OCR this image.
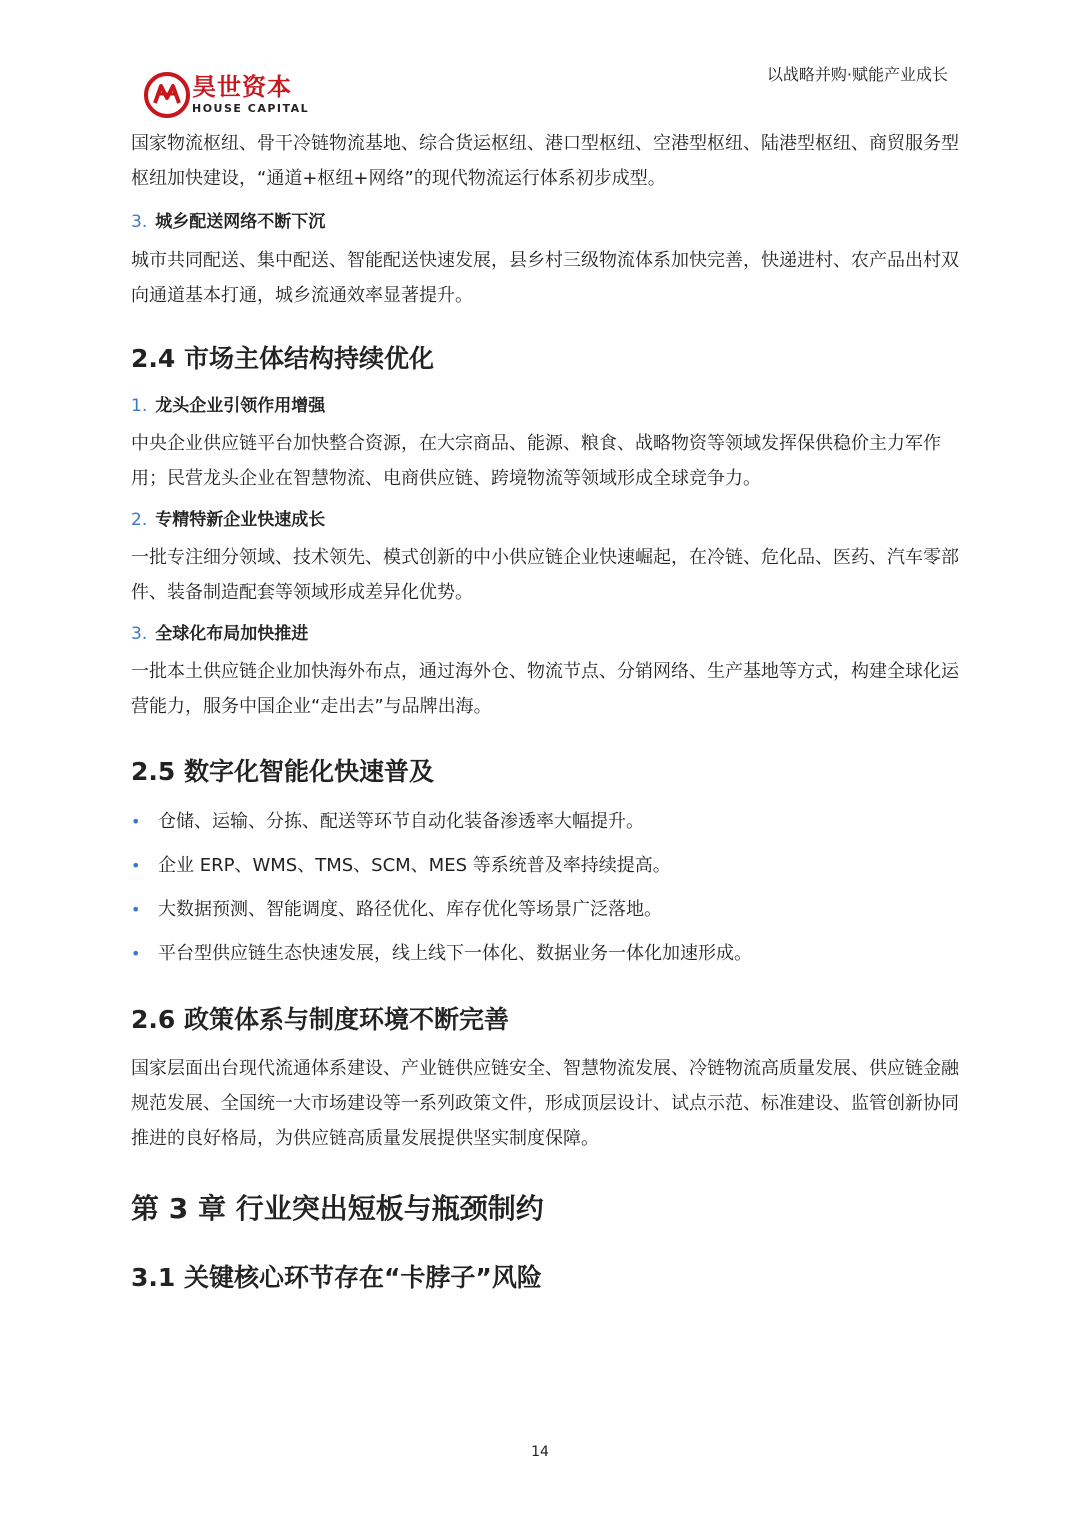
昊世资本
HOUSE CAPITAL
以战略并购·赋能产业成长

国家物流枢纽、骨干冷链物流基地、综合货运枢纽、港口型枢纽、空港型枢纽、陆港型枢纽、商贸服务型枢纽加快建设，“通道+枢纽+网络”的现代物流运行体系初步成型。

3. 城乡配送网络不断下沉

城市共同配送、集中配送、智能配送快速发展，县乡村三级物流体系加快完善，快递进村、农产品出村双向通道基本打通，城乡流通效率显著提升。

2.4 市场主体结构持续优化

1. 龙头企业引领作用增强

中央企业供应链平台加快整合资源，在大宗商品、能源、粮食、战略物资等领域发挥保供稳价主力军作用；民营龙头企业在智慧物流、电商供应链、跨境物流等领域形成全球竞争力。

2. 专精特新企业快速成长

一批专注细分领域、技术领先、模式创新的中小供应链企业快速崛起，在冷链、危化品、医药、汽车零部件、装备制造配套等领域形成差异化优势。

3. 全球化布局加快推进

一批本土供应链企业加快海外布点，通过海外仓、物流节点、分销网络、生产基地等方式，构建全球化运营能力，服务中国企业“走出去”与品牌出海。

2.5 数字化智能化快速普及

• 仓储、运输、分拣、配送等环节自动化装备渗透率大幅提升。

• 企业 ERP、WMS、TMS、SCM、MES 等系统普及率持续提高。

• 大数据预测、智能调度、路径优化、库存优化等场景广泛落地。

• 平台型供应链生态快速发展，线上线下一体化、数据业务一体化加速形成。

2.6 政策体系与制度环境不断完善

国家层面出台现代流通体系建设、产业链供应链安全、智慧物流发展、冷链物流高质量发展、供应链金融规范发展、全国统一大市场建设等一系列政策文件，形成顶层设计、试点示范、标准建设、监管创新协同推进的良好格局，为供应链高质量发展提供坚实制度保障。

第 3 章 行业突出短板与瓶颈制约
3.1 关键核心环节存在“卡脖子”风险
14
